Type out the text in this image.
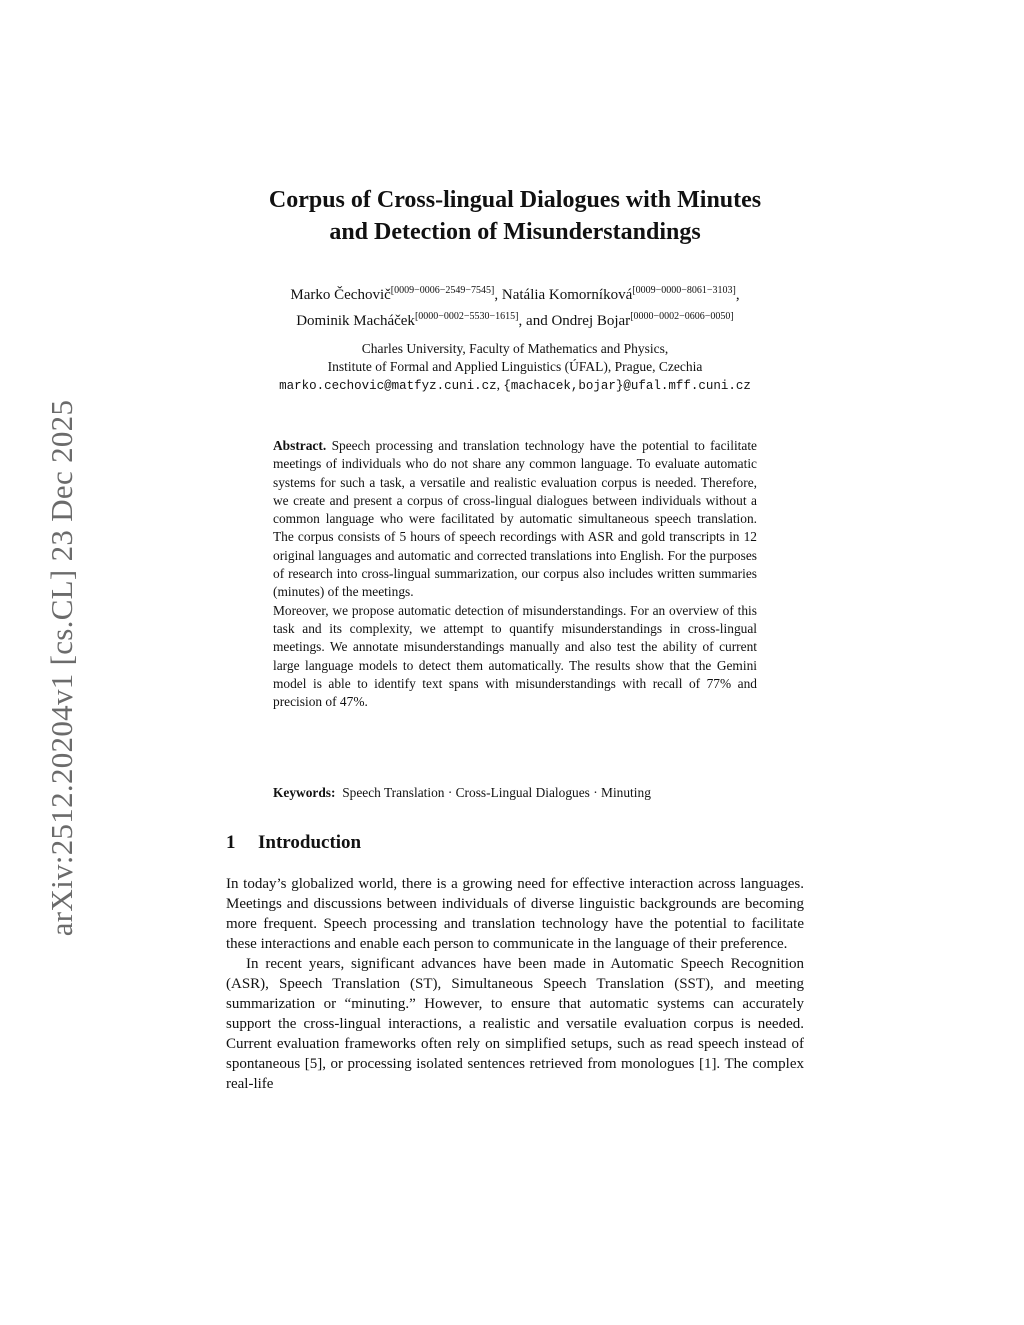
arXiv:2512.20204v1 [cs.CL] 23 Dec 2025
Corpus of Cross-lingual Dialogues with Minutes
and Detection of Misunderstandings
Marko Čechovič[0009−0006−2549−7545], Natália Komorníková[0009−0000−8061−3103],
Dominik Macháček[0000−0002−5530−1615], and Ondrej Bojar[0000−0002−0606−0050]
Charles University, Faculty of Mathematics and Physics,
Institute of Formal and Applied Linguistics (ÚFAL), Prague, Czechia
marko.cechovic@matfyz.cuni.cz, {machacek,bojar}@ufal.mff.cuni.cz

Abstract. Speech processing and translation technology have the potential to facilitate meetings of individuals who do not share any common language. To evaluate automatic systems for such a task, a versatile and realistic evaluation corpus is needed. Therefore, we create and present a corpus of cross-lingual dialogues between individuals without a common language who were facilitated by automatic simultaneous speech translation. The corpus consists of 5 hours of speech recordings with ASR and gold transcripts in 12 original languages and automatic and corrected translations into English. For the purposes of research into cross-lingual summarization, our corpus also includes written summaries (minutes) of the meetings.

Moreover, we propose automatic detection of misunderstandings. For an overview of this task and its complexity, we attempt to quantify misunderstandings in cross-lingual meetings. We annotate misunderstandings manually and also test the ability of current large language models to detect them automatically. The results show that the Gemini model is able to identify text spans with misunderstandings with recall of 77% and precision of 47%.

Keywords: Speech Translation · Cross-Lingual Dialogues · Minuting
1 Introduction

In today’s globalized world, there is a growing need for effective interaction across languages. Meetings and discussions between individuals of diverse linguistic backgrounds are becoming more frequent. Speech processing and translation technology have the potential to facilitate these interactions and enable each person to communicate in the language of their preference.

In recent years, significant advances have been made in Automatic Speech Recognition (ASR), Speech Translation (ST), Simultaneous Speech Translation (SST), and meeting summarization or “minuting.” However, to ensure that automatic systems can accurately support the cross-lingual interactions, a realistic and versatile evaluation corpus is needed. Current evaluation frameworks often rely on simplified setups, such as read speech instead of spontaneous [5], or processing isolated sentences retrieved from monologues [1]. The complex real-life
